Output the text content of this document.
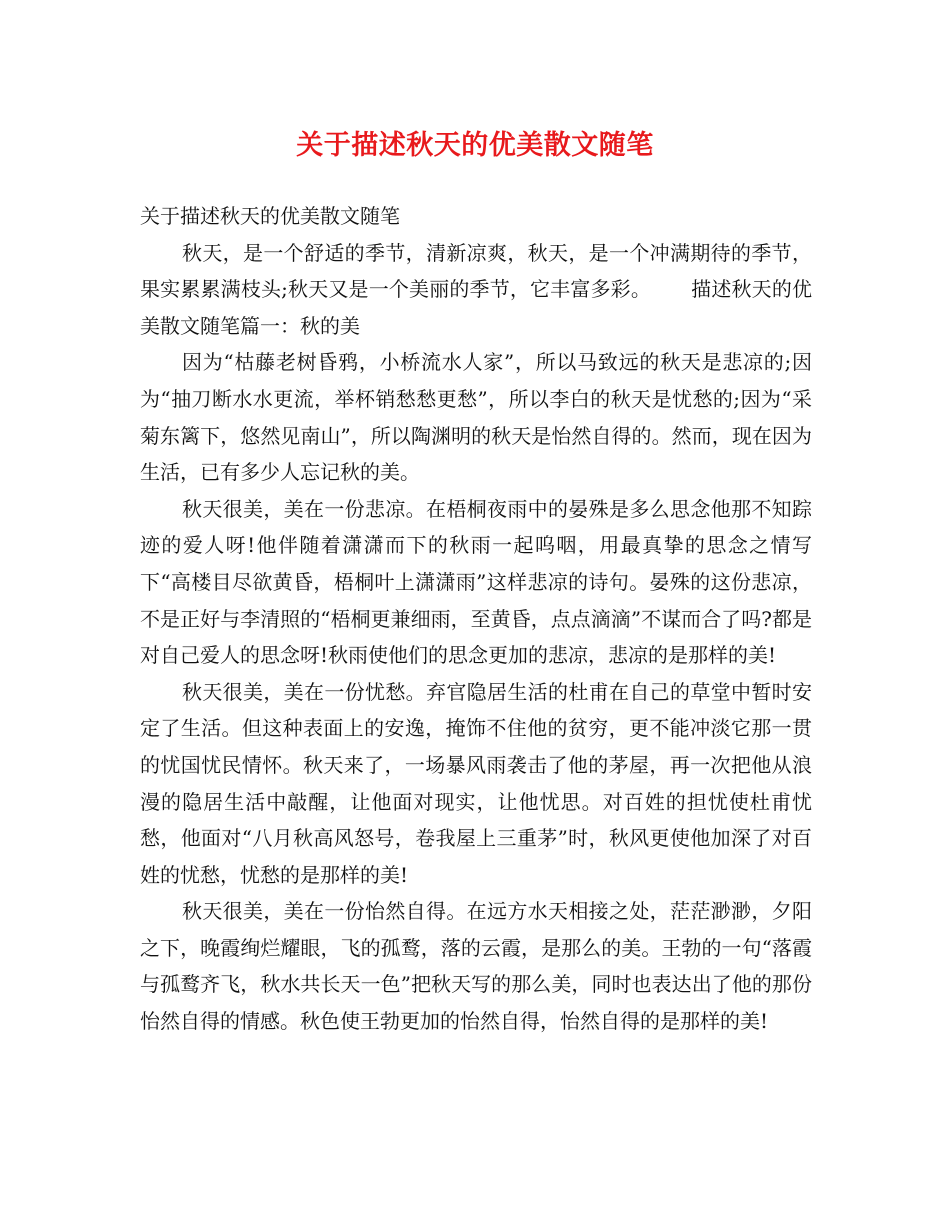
关于描述秋天的优美散文随笔

关于描述秋天的优美散文随笔

秋天，是一个舒适的季节，清新凉爽，秋天，是一个冲满期待的季节，果实累累满枝头;秋天又是一个美丽的季节，它丰富多彩。 描述秋天的优美散文随笔篇一：秋的美

因为“枯藤老树昏鸦，小桥流水人家”，所以马致远的秋天是悲凉的;因为“抽刀断水水更流，举杯销愁愁更愁”，所以李白的秋天是忧愁的;因为“采菊东篱下，悠然见南山”，所以陶渊明的秋天是怡然自得的。然而，现在因为生活，已有多少人忘记秋的美。

秋天很美，美在一份悲凉。在梧桐夜雨中的晏殊是多么思念他那不知踪迹的爱人呀!他伴随着潇潇而下的秋雨一起呜咽，用最真挚的思念之情写下“高楼目尽欲黄昏，梧桐叶上潇潇雨”这样悲凉的诗句。晏殊的这份悲凉，不是正好与李清照的“梧桐更兼细雨，至黄昏，点点滴滴”不谋而合了吗?都是对自己爱人的思念呀!秋雨使他们的思念更加的悲凉，悲凉的是那样的美!

秋天很美，美在一份忧愁。弃官隐居生活的杜甫在自己的草堂中暂时安定了生活。但这种表面上的安逸，掩饰不住他的贫穷，更不能冲淡它那一贯的忧国忧民情怀。秋天来了，一场暴风雨袭击了他的茅屋，再一次把他从浪漫的隐居生活中敲醒，让他面对现实，让他忧思。对百姓的担忧使杜甫忧愁，他面对“八月秋高风怒号，卷我屋上三重茅”时，秋风更使他加深了对百姓的忧愁，忧愁的是那样的美!

秋天很美，美在一份怡然自得。在远方水天相接之处，茫茫渺渺，夕阳之下，晚霞绚烂耀眼，飞的孤鹜，落的云霞，是那么的美。王勃的一句“落霞与孤鹜齐飞，秋水共长天一色”把秋天写的那么美，同时也表达出了他的那份怡然自得的情感。秋色使王勃更加的怡然自得，怡然自得的是那样的美!
